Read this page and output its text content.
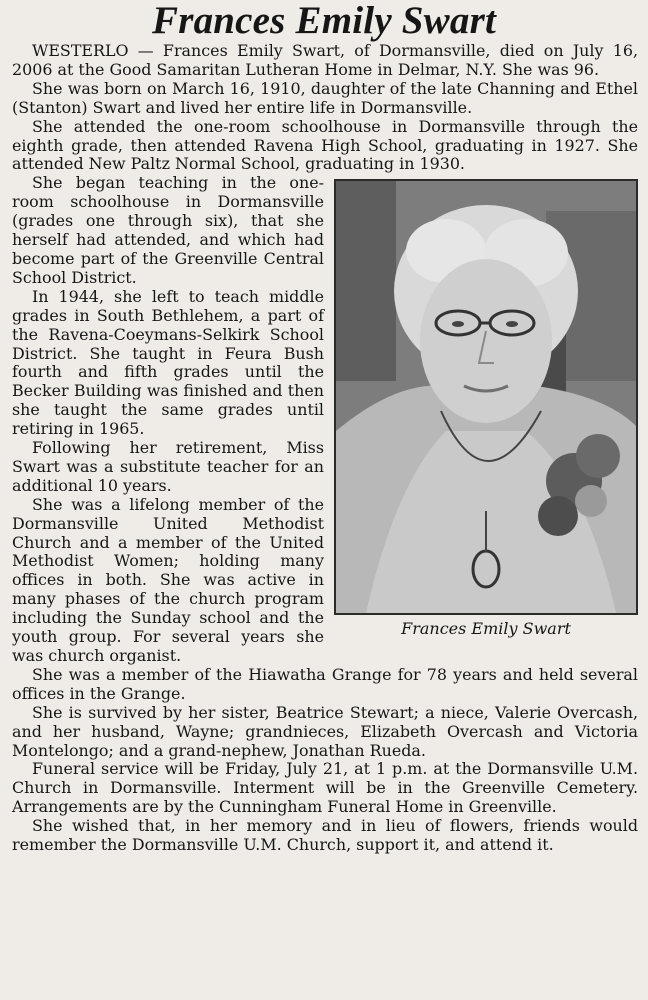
Frances Emily Swart

WESTERLO — Frances Emily Swart, of Dormansville, died on July 16, 2006 at the Good Samaritan Lutheran Home in Delmar, N.Y. She was 96.

She was born on March 16, 1910, daughter of the late Channing and Ethel (Stanton) Swart and lived her entire life in Dormansville.

She attended the one-room schoolhouse in Dormansville through the eighth grade, then attended Ravena High School, graduating in 1927. She attended New Paltz Normal School, graduating in 1930.

Frances Emily Swart

She began teaching in the one-room schoolhouse in Dormansville (grades one through six), that she herself had attended, and which had become part of the Greenville Central School District.

In 1944, she left to teach middle grades in South Bethlehem, a part of the Ravena-Coeymans-Selkirk School District. She taught in Feura Bush fourth and fifth grades until the Becker Building was finished and then she taught the same grades until retiring in 1965.

Following her retirement, Miss Swart was a substitute teacher for an additional 10 years.

She was a lifelong member of the Dormansville United Methodist Church and a member of the United Methodist Women; holding many offices in both. She was active in many phases of the church program including the Sunday school and the youth group. For several years she was church organist.

She was a member of the Hiawatha Grange for 78 years and held several offices in the Grange.

She is survived by her sister, Beatrice Stewart; a niece, Valerie Overcash, and her husband, Wayne; grandnieces, Elizabeth Overcash and Victoria Montelongo; and a grand-nephew, Jonathan Rueda.

Funeral service will be Friday, July 21, at 1 p.m. at the Dormansville U.M. Church in Dormansville. Interment will be in the Greenville Cemetery. Arrangements are by the Cunningham Funeral Home in Greenville.

She wished that, in her memory and in lieu of flowers, friends would remember the Dormansville U.M. Church, support it, and attend it.
